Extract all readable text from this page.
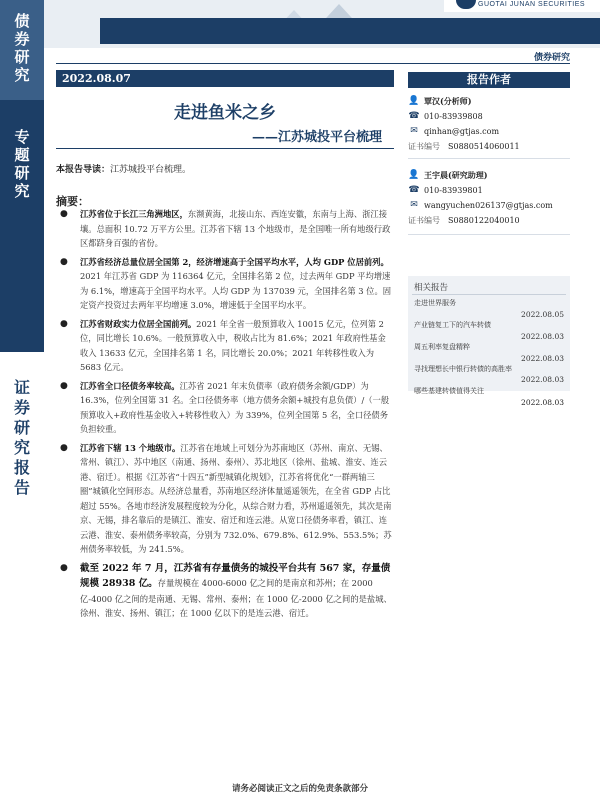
债
券
研
究
专
题
研
究
证
券
研
究
报
告
GUOTAI JUNAN SECURITIES
债券研究
2022.08.07
走进鱼米之乡
——江苏城投平台梳理
本报告导读：江苏城投平台梳理。
摘要：
● 江苏省位于长江三角洲地区，东濒黄海，北接山东、西连安徽，东南与上海、浙江接壤。总面积 10.72 万平方公里。江苏省下辖 13 个地级市，是全国唯一所有地级行政区都跻身百强的省份。
● 江苏省经济总量位居全国第 2，经济增速高于全国平均水平，人均 GDP 位居前列。2021 年江苏省 GDP 为 116364 亿元，全国排名第 2 位，过去两年 GDP 平均增速为 6.1%，增速高于全国平均水平。人均 GDP 为 137039 元，全国排名第 3 位。固定资产投资过去两年平均增速 3.0%，增速低于全国平均水平。
● 江苏省财政实力位居全国前列。2021 年全省一般预算收入 10015 亿元，位列第 2 位，同比增长 10.6%。一般预算收入中，税收占比为 81.6%；2021 年政府性基金收入 13633 亿元，全国排名第 1 名，同比增长 20.0%；2021 年转移性收入为 5683 亿元。
● 江苏省全口径债务率较高。江苏省 2021 年末负债率（政府债务余额/GDP）为 16.3%，位列全国第 31 名。全口径债务率（地方债务余额+城投有息负债）/（一般预算收入+政府性基金收入+转移性收入）为 339%，位列全国第 5 名，全口径债务负担较重。
● 江苏省下辖 13 个地级市。江苏省在地域上可划分为苏南地区（苏州、南京、无锡、常州、镇江）、苏中地区（南通、扬州、泰州）、苏北地区（徐州、盐城、淮安、连云港、宿迁）。根据《江苏省“十四五”新型城镇化规划》，江苏省将优化“一群两轴三圈”城镇化空间形态。从经济总量看，苏南地区经济体量遥遥领先，在全省 GDP 占比超过 55%。各地市经济发展程度较为分化，从综合财力看，苏州遥遥领先，其次是南京、无锡，排名靠后的是镇江、淮安、宿迁和连云港。从宽口径债务率看，镇江、连云港、淮安、泰州债务率较高，分别为 732.0%、679.8%、612.9%、553.5%；苏州债务率较低，为 241.5%。
● 截至 2022 年 7 月，江苏省有存量债务的城投平台共有 567 家，存量债规模 28938 亿。存量规模在 4000-6000 亿之间的是南京和苏州；在 2000 亿-4000 亿之间的是南通、无锡、常州、泰州；在 1000 亿-2000 亿之间的是盐城、徐州、淮安、扬州、镇江；在 1000 亿以下的是连云港、宿迁。
报告作者
👤 覃汉(分析师)
☎ 010-83939808
✉ qinhan@gtjas.com
证书编号 S0880514060011
👤 王宇晨(研究助理)
☎ 010-83939801
✉ wangyuchen026137@gtjas.com
证书编号 S0880122040010
相关报告
走进世界服务
2022.08.05
产业链复工下的汽车转债
2022.08.03
周五利率复盘精粹
2022.08.03
寻找理想长中银行转债的高胜率
2022.08.03
哪些基建转债值得关注
2022.08.03
请务必阅读正文之后的免责条款部分
